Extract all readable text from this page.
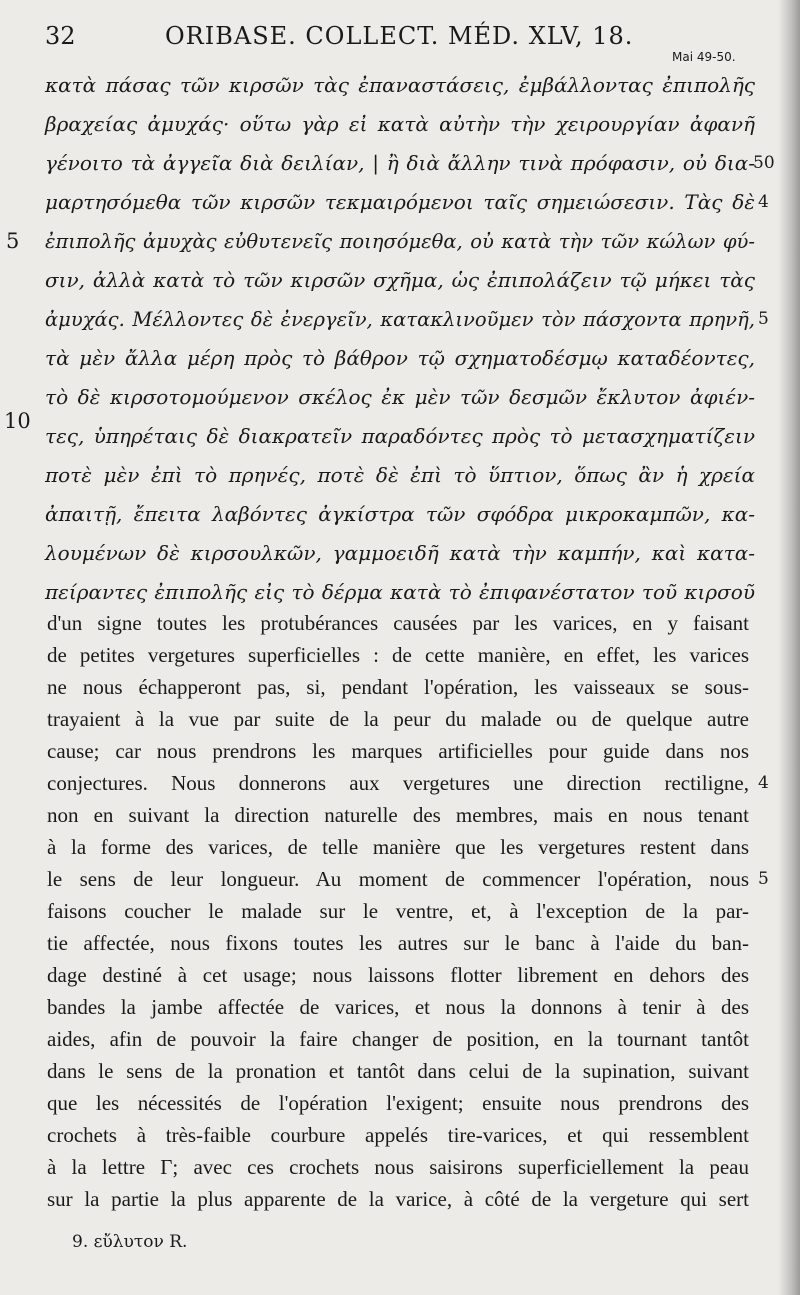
32	ORIBASE. COLLECT. MÉD. XLV, 18.
Mai 49-50.
κατὰ πάσας τῶν κιρσῶν τὰς ἐπαναστάσεις, ἐμβάλλοντας ἐπιπολῆς
βραχείας ἀμυχάς· οὕτω γὰρ εἰ κατὰ αὐτὴν τὴν χειρουργίαν ἀφανῆ
γένοιτο τὰ ἀγγεῖα διὰ δειλίαν, | ἢ διὰ ἄλλην τινὰ πρόφασιν, οὐ δια-
μαρτησόμεθα τῶν κιρσῶν τεκμαιρόμενοι ταῖς σημειώσεσιν. Τὰς δὲ
ἐπιπολῆς ἀμυχὰς εὐθυτενεῖς ποιησόμεθα, οὐ κατὰ τὴν τῶν κώλων φύ-
σιν, ἀλλὰ κατὰ τὸ τῶν κιρσῶν σχῆμα, ὡς ἐπιπολάζειν τῷ μήκει τὰς
ἀμυχάς. Μέλλοντες δὲ ἐνεργεῖν, κατακλινοῦμεν τὸν πάσχοντα πρηνῆ,
τὰ μὲν ἄλλα μέρη πρὸς τὸ βάθρον τῷ σχηματοδέσμῳ καταδέοντες,
τὸ δὲ κιρσοτομούμενον σκέλος ἐκ μὲν τῶν δεσμῶν ἔκλυτον ἀφιέν-
τες, ὑπηρέταις δὲ διακρατεῖν παραδόντες πρὸς τὸ μετασχηματίζειν
ποτὲ μὲν ἐπὶ τὸ πρηνές, ποτὲ δὲ ἐπὶ τὸ ὕπτιον, ὅπως ἂν ἡ χρεία
ἀπαιτῇ, ἔπειτα λαβόντες ἀγκίστρα τῶν σφόδρα μικροκαμπῶν, κα-
λουμένων δὲ κιρσουλκῶν, γαμμοειδῆ κατὰ τὴν καμπήν, καὶ κατα-
πείραντες ἐπιπολῆς εἰς τὸ δέρμα κατὰ τὸ ἐπιφανέστατον τοῦ κιρσοῦ
5
10
50
4
5
d'un signe toutes les protubérances causées par les varices, en y faisant
de petites vergetures superficielles : de cette manière, en effet, les varices
ne nous échapperont pas, si, pendant l'opération, les vaisseaux se sous-
trayaient à la vue par suite de la peur du malade ou de quelque autre
cause; car nous prendrons les marques artificielles pour guide dans nos
conjectures. Nous donnerons aux vergetures une direction rectiligne,
non en suivant la direction naturelle des membres, mais en nous tenant
à la forme des varices, de telle manière que les vergetures restent dans
le sens de leur longueur. Au moment de commencer l'opération, nous
faisons coucher le malade sur le ventre, et, à l'exception de la par-
tie affectée, nous fixons toutes les autres sur le banc à l'aide du ban-
dage destiné à cet usage; nous laissons flotter librement en dehors des
bandes la jambe affectée de varices, et nous la donnons à tenir à des
aides, afin de pouvoir la faire changer de position, en la tournant tantôt
dans le sens de la pronation et tantôt dans celui de la supination, suivant
que les nécessités de l'opération l'exigent; ensuite nous prendrons des
crochets à très-faible courbure appelés tire-varices, et qui ressemblent
à la lettre Γ; avec ces crochets nous saisirons superficiellement la peau
sur la partie la plus apparente de la varice, à côté de la vergeture qui sert
4
5
9. εὔλυτον R.
